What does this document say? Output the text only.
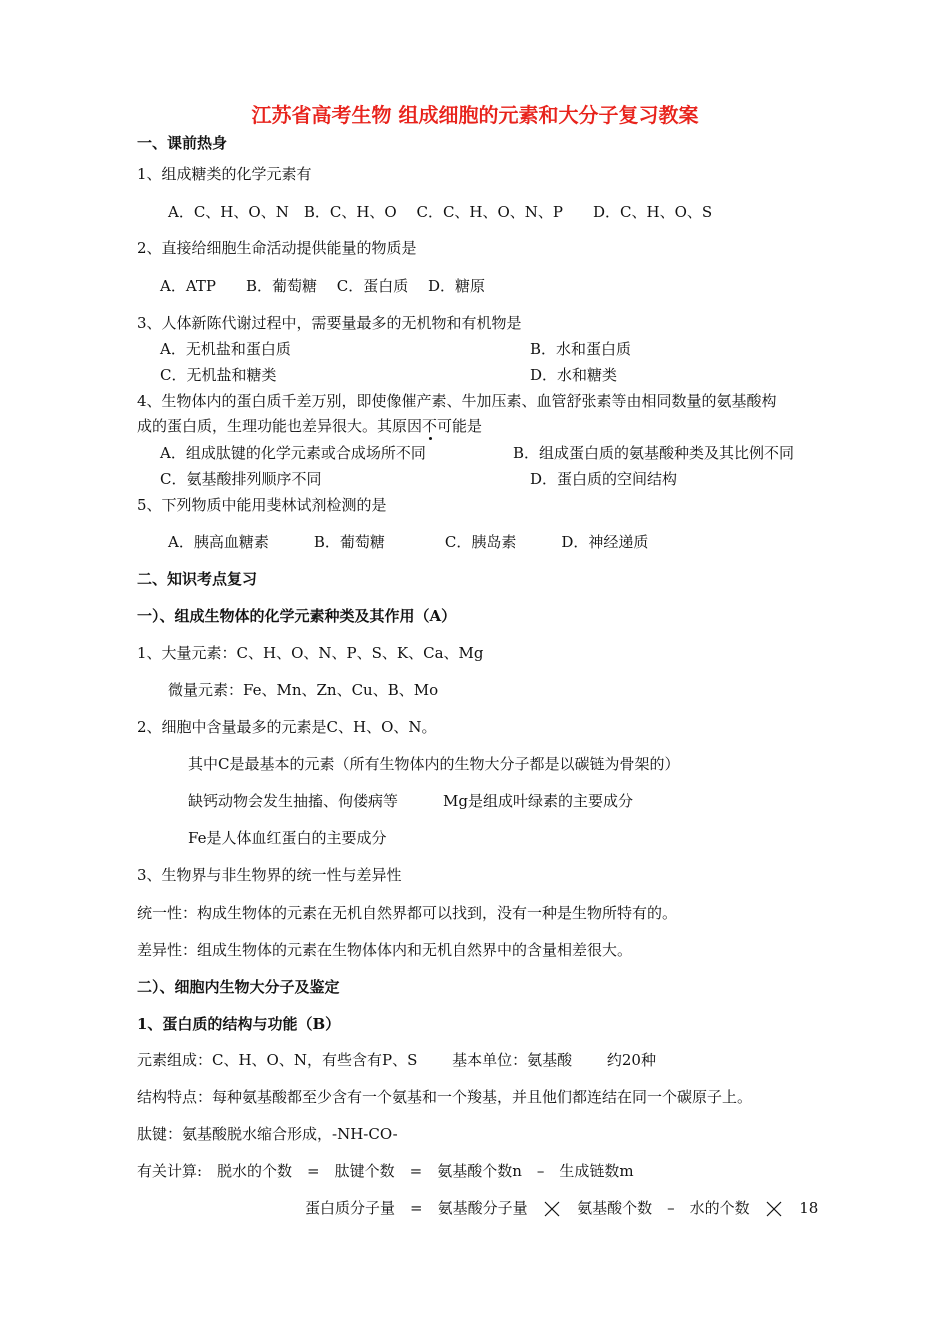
江苏省高考生物 组成细胞的元素和大分子复习教案
一、课前热身
1、组成糖类的化学元素有
A．C、H、O、N　B．C、H、O　 C．C、H、O、N、P　　D．C、H、O、S
2、直接给细胞生命活动提供能量的物质是
A．ATP　　B．葡萄糖　 C．蛋白质　 D．糖原
3、人体新陈代谢过程中，需要量最多的无机物和有机物是
A．无机盐和蛋白质	B．水和蛋白质
C．无机盐和糖类	D．水和糖类
4、生物体内的蛋白质千差万别，即使像催产素、牛加压素、血管舒张素等由相同数量的氨基酸构
成的蛋白质，生理功能也差异很大。其原因不可能是
A．组成肽键的化学元素或合成场所不同	B．组成蛋白质的氨基酸种类及其比例不同
C．氨基酸排列顺序不同	D．蛋白质的空间结构
5、下列物质中能用斐林试剂检测的是
A．胰高血糖素　　　B．葡萄糖　　　　C．胰岛素　　　D．神经递质
二、知识考点复习
一）、组成生物体的化学元素种类及其作用（A）
1、大量元素：C、H、O、N、P、S、K、Ca、Mg
微量元素：Fe、Mn、Zn、Cu、B、Mo
2、细胞中含量最多的元素是C、H、O、N。
其中C是最基本的元素（所有生物体内的生物大分子都是以碳链为骨架的）
缺钙动物会发生抽搐、佝偻病等　　　Mg是组成叶绿素的主要成分
Fe是人体血红蛋白的主要成分
3、生物界与非生物界的统一性与差异性
统一性：构成生物体的元素在无机自然界都可以找到，没有一种是生物所特有的。
差异性：组成生物体的元素在生物体体内和无机自然界中的含量相差很大。
二）、细胞内生物大分子及鉴定
1、蛋白质的结构与功能（B）
元素组成：C、H、O、N，有些含有P、S　　 基本单位：氨基酸　　 约20种
结构特点：每种氨基酸都至少含有一个氨基和一个羧基，并且他们都连结在同一个碳原子上。
肽键：氨基酸脱水缩合形成，-NH-CO-
有关计算:　脱水的个数　=　肽键个数　=　氨基酸个数n　–　生成链数m
蛋白质分子量　=　氨基酸分子量	氨基酸个数　–　水的个数	18
